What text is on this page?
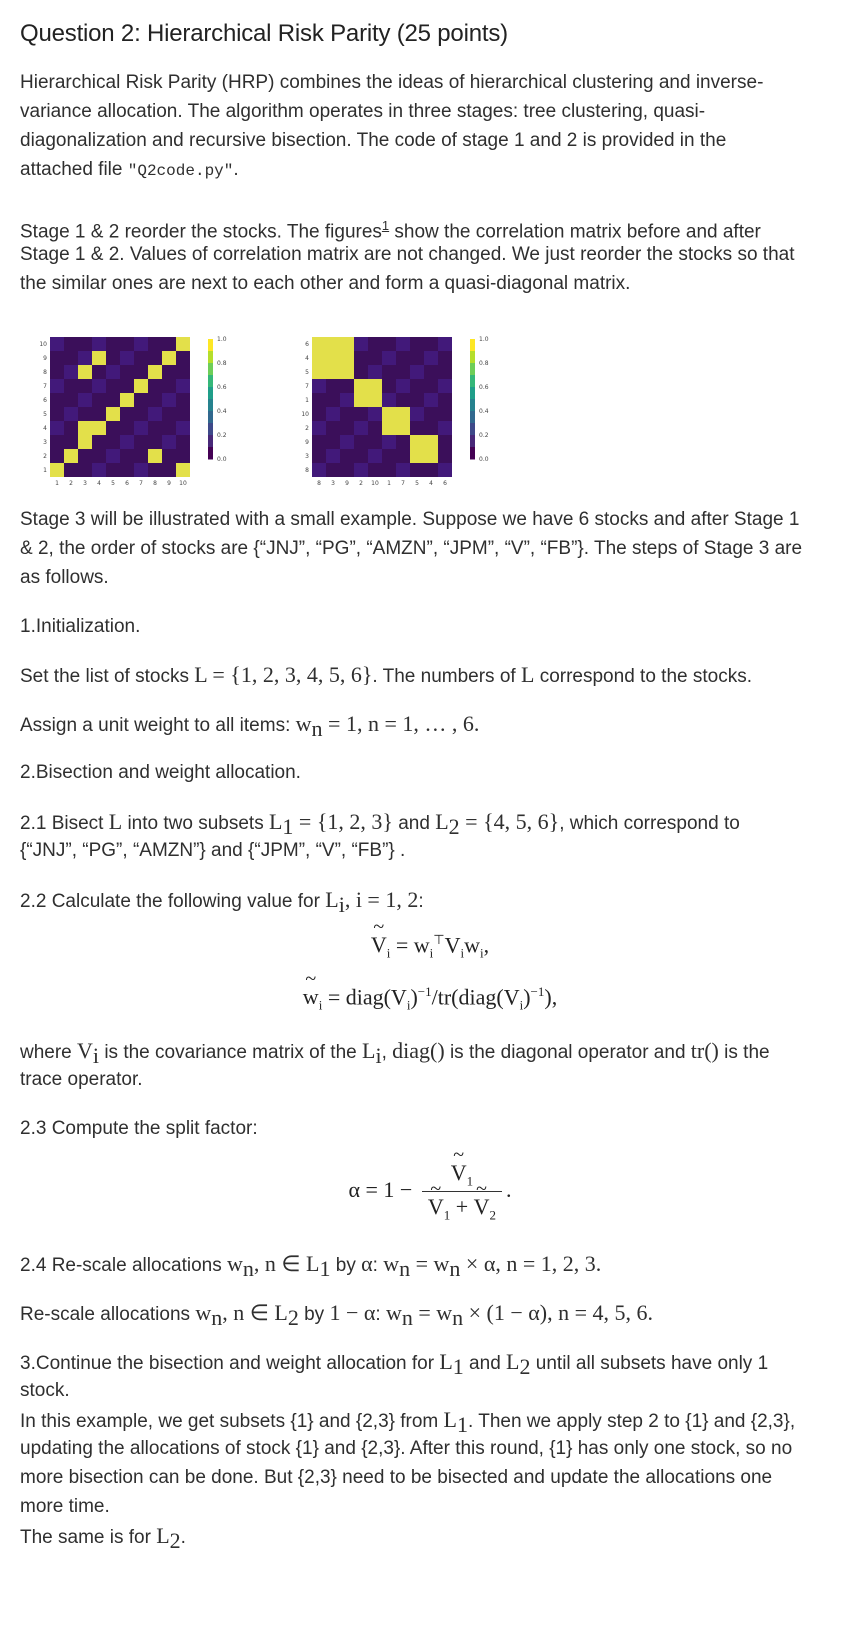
Question 2: Hierarchical Risk Parity (25 points)

Hierarchical Risk Parity (HRP) combines the ideas of hierarchical clustering and inverse-

variance allocation. The algorithm operates in three stages: tree clustering, quasi-

diagonalization and recursive bisection. The code of stage 1 and 2 is provided in the

attached file "Q2code.py".

Stage 1 & 2 reorder the stocks. The figures$^1$ show the correlation matrix before and after

Stage 1 & 2. Values of correlation matrix are not changed. We just reorder the stocks so that

the similar ones are next to each other and form a quasi-diagonal matrix.

Stage 3 will be illustrated with a small example. Suppose we have 6 stocks and after Stage 1

& 2, the order of stocks are {“JNJ”, “PG”, “AMZN”, “JPM”, “V”, “FB”}. The steps of Stage 3 are

as follows.

1.Initialization.

Set the list of stocks L = {1, 2, 3, 4, 5, 6}. The numbers of L correspond to the stocks.

Assign a unit weight to all items: $w_n = 1$, n = 1, … , 6.

2.Bisection and weight allocation.

2.1 Bisect L into two subsets $L_1 = \{1$, 2, 3} and $L_2 = \{4$, 5, 6}, which correspond to

{“JNJ”, “PG”, “AMZN”} and {“JPM”, “V”, “FB”} .

2.2 Calculate the following value for $L_i$, i = 1, 2:

~ $V_i = w_i^⊤V_iw_i$,

~ $w_i$ = $diag(V_i)^{-1}/tr(diag(V_i)^{-1})$,

where $V_i$ is the covariance matrix of the $L_i$, diag() is the diagonal operator and tr() is the

trace operator.

2.3 Compute the split factor:

α = 1 − ~ $V_1$
~ $V_1$ + ~ $V_2$ .

2.4 Re-scale allocations $w_n$, n ∈ $L_1$ by α: $w_n = w_n \times \alpha$, n = 1, 2, 3.

Re-scale allocations $w_n$, n ∈ $L_2$ by 1 − α: $w_n = w_n \times (1 - \alpha)$, n = 4, 5, 6.

3.Continue the bisection and weight allocation for $L_1$ and $L_2$ until all subsets have only 1

stock.

In this example, we get subsets {1} and {2,3} from $L_1$. Then we apply step 2 to {1} and {2,3},

updating the allocations of stock {1} and {2,3}. After this round, {1} has only one stock, so no

more bisection can be done. But {2,3} need to be bisected and update the allocations one

more time.

The same is for $L_2$.

10
9
8
7
6
5
4
3
2
1
1 2 3 4 5 6 7 8 9 10
1.0
0.8
0.6
0.4
0.2
0.0
6
4
5
7
1
10
2
9
3
8
8 3 9 2 10 1 7 5 4 6
1.0
0.8
0.6
0.4
0.2
0.0
